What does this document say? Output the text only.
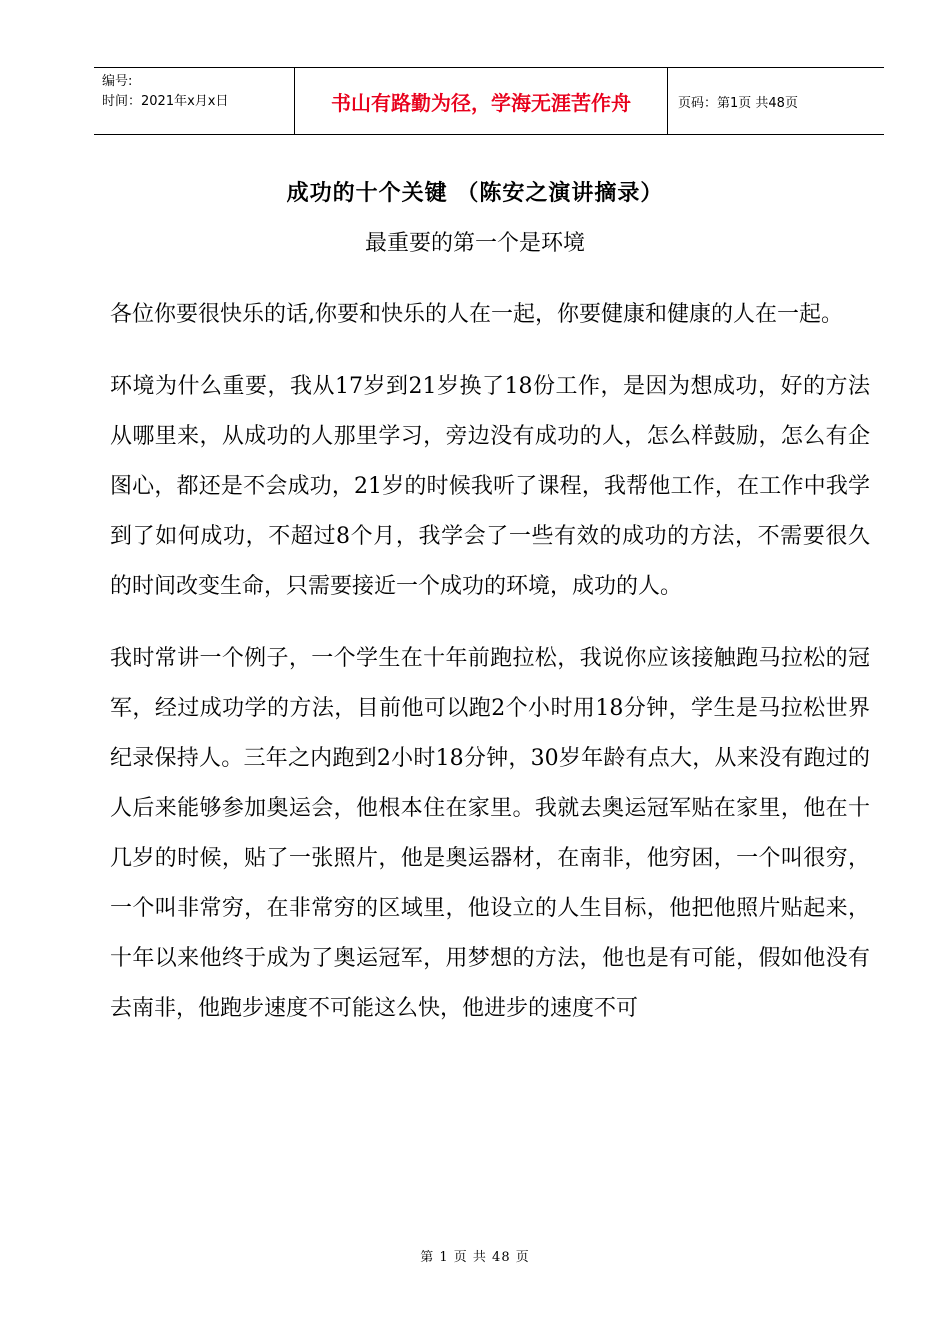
编号:
时间：2021年x月x日	书山有路勤为径，学海无涯苦作舟	页码：第1页 共48页
成功的十个关键 （陈安之演讲摘录）
最重要的第一个是环境

各位你要很快乐的话,你要和快乐的人在一起，你要健康和健康的人在一起。

环境为什么重要，我从17岁到21岁换了18份工作，是因为想成功，好的方法从哪里来，从成功的人那里学习，旁边没有成功的人，怎么样鼓励，怎么有企图心，都还是不会成功，21岁的时候我听了课程，我帮他工作，在工作中我学到了如何成功，不超过8个月，我学会了一些有效的成功的方法，不需要很久的时间改变生命，只需要接近一个成功的环境，成功的人。

我时常讲一个例子，一个学生在十年前跑拉松，我说你应该接触跑马拉松的冠军，经过成功学的方法，目前他可以跑2个小时用18分钟，学生是马拉松世界纪录保持人。三年之内跑到2小时18分钟，30岁年龄有点大，从来没有跑过的人后来能够参加奥运会，他根本住在家里。我就去奥运冠军贴在家里，他在十几岁的时候，贴了一张照片，他是奥运器材，在南非，他穷困，一个叫很穷，一个叫非常穷，在非常穷的区域里，他设立的人生目标，他把他照片贴起来，十年以来他终于成为了奥运冠军，用梦想的方法，他也是有可能，假如他没有去南非，他跑步速度不可能这么快，他进步的速度不可

第 1 页 共 48 页
